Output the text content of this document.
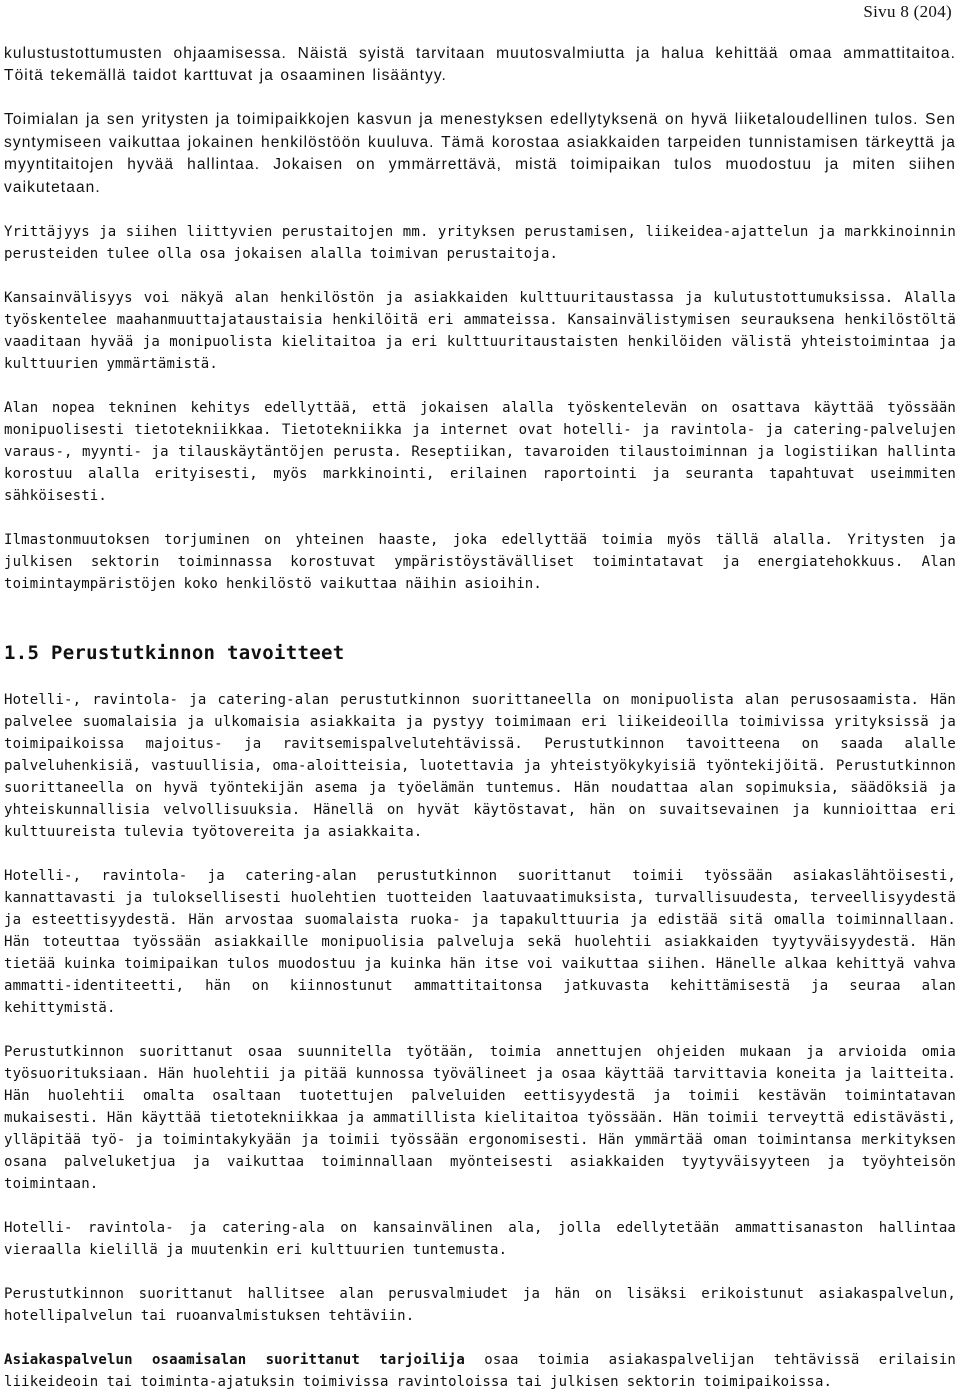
Sivu 8 (204)

kulustustottumusten ohjaamisessa. Näistä syistä tarvitaan muutosvalmiutta ja halua kehittää omaa ammattitaitoa. Töitä tekemällä taidot karttuvat ja osaaminen lisääntyy.

Toimialan ja sen yritysten ja toimipaikkojen kasvun ja menestyksen edellytyksenä on hyvä liiketaloudellinen tulos. Sen syntymiseen vaikuttaa jokainen henkilöstöön kuuluva. Tämä korostaa asiakkaiden tarpeiden tunnistamisen tärkeyttä ja myyntitaitojen hyvää hallintaa. Jokaisen on ymmärrettävä, mistä toimipaikan tulos muodostuu ja miten siihen vaikutetaan.

Yrittäjyys ja siihen liittyvien perustaitojen mm. yrityksen perustamisen, liikeidea-ajattelun ja markkinoinnin perusteiden tulee olla osa jokaisen alalla toimivan perustaitoja.

Kansainvälisyys voi näkyä alan henkilöstön ja asiakkaiden kulttuuritaustassa ja kulutustottumuksissa. Alalla työskentelee maahanmuuttajataustaisia henkilöitä eri ammateissa. Kansainvälistymisen seurauksena henkilöstöltä vaaditaan hyvää ja monipuolista kielitaitoa ja eri kulttuuritaustaisten henkilöiden välistä yhteistoimintaa ja kulttuurien ymmärtämistä.

Alan nopea tekninen kehitys edellyttää, että jokaisen alalla työskentelevän on osattava käyttää työssään monipuolisesti tietotekniikkaa. Tietotekniikka ja internet ovat hotelli- ja ravintola- ja catering-palvelujen varaus-, myynti- ja tilauskäytäntöjen perusta. Reseptiikan, tavaroiden tilaustoiminnan ja logistiikan hallinta korostuu alalla erityisesti, myös markkinointi, erilainen raportointi ja seuranta tapahtuvat useimmiten sähköisesti.

Ilmastonmuutoksen torjuminen on yhteinen haaste, joka edellyttää toimia myös tällä alalla. Yritysten ja julkisen sektorin toiminnassa korostuvat ympäristöystävälliset toimintatavat ja energiatehokkuus. Alan toimintaympäristöjen koko henkilöstö vaikuttaa näihin asioihin.

1.5 Perustutkinnon tavoitteet

Hotelli-, ravintola- ja catering-alan perustutkinnon suorittaneella on monipuolista alan perusosaamista. Hän palvelee suomalaisia ja ulkomaisia asiakkaita ja pystyy toimimaan eri liikeideoilla toimivissa yrityksissä ja toimipaikoissa majoitus- ja ravitsemispalvelutehtävissä. Perustutkinnon tavoitteena on saada alalle palveluhenkisiä, vastuullisia, oma-aloitteisia, luotettavia ja yhteistyökykyisiä työntekijöitä. Perustutkinnon suorittaneella on hyvä työntekijän asema ja työelämän tuntemus. Hän noudattaa alan sopimuksia, säädöksiä ja yhteiskunnallisia velvollisuuksia. Hänellä on hyvät käytöstavat, hän on suvaitsevainen ja kunnioittaa eri kulttuureista tulevia työtovereita ja asiakkaita.

Hotelli-, ravintola- ja catering-alan perustutkinnon suorittanut toimii työssään asiakaslähtöisesti, kannattavasti ja tuloksellisesti huolehtien tuotteiden laatuvaatimuksista, turvallisuudesta, terveellisyydestä ja esteettisyydestä. Hän arvostaa suomalaista ruoka- ja tapakulttuuria ja edistää sitä omalla toiminnallaan. Hän toteuttaa työssään asiakkaille monipuolisia palveluja sekä huolehtii asiakkaiden tyytyväisyydestä. Hän tietää kuinka toimipaikan tulos muodostuu ja kuinka hän itse voi vaikuttaa siihen. Hänelle alkaa kehittyä vahva ammatti-identiteetti, hän on kiinnostunut ammattitaitonsa jatkuvasta kehittämisestä ja seuraa alan kehittymistä.

Perustutkinnon suorittanut osaa suunnitella työtään, toimia annettujen ohjeiden mukaan ja arvioida omia työsuorituksiaan. Hän huolehtii ja pitää kunnossa työvälineet ja osaa käyttää tarvittavia koneita ja laitteita. Hän huolehtii omalta osaltaan tuotettujen palveluiden eettisyydestä ja toimii kestävän toimintatavan mukaisesti. Hän käyttää tietotekniikkaa ja ammatillista kielitaitoa työssään. Hän toimii terveyttä edistävästi, ylläpitää työ- ja toimintakykyään ja toimii työssään ergonomisesti. Hän ymmärtää oman toimintansa merkityksen osana palveluketjua ja vaikuttaa toiminnallaan myönteisesti asiakkaiden tyytyväisyyteen ja työyhteisön toimintaan.

Hotelli- ravintola- ja catering-ala on kansainvälinen ala, jolla edellytetään ammattisanaston hallintaa vieraalla kielillä ja muutenkin eri kulttuurien tuntemusta.

Perustutkinnon suorittanut hallitsee alan perusvalmiudet ja hän on lisäksi erikoistunut asiakaspalvelun, hotellipalvelun tai ruoanvalmistuksen tehtäviin.

Asiakaspalvelun osaamisalan suorittanut tarjoilija osaa toimia asiakaspalvelijan tehtävissä erilaisin liikeideoin tai toiminta-ajatuksin toimivissa ravintoloissa tai julkisen sektorin toimipaikoissa.
